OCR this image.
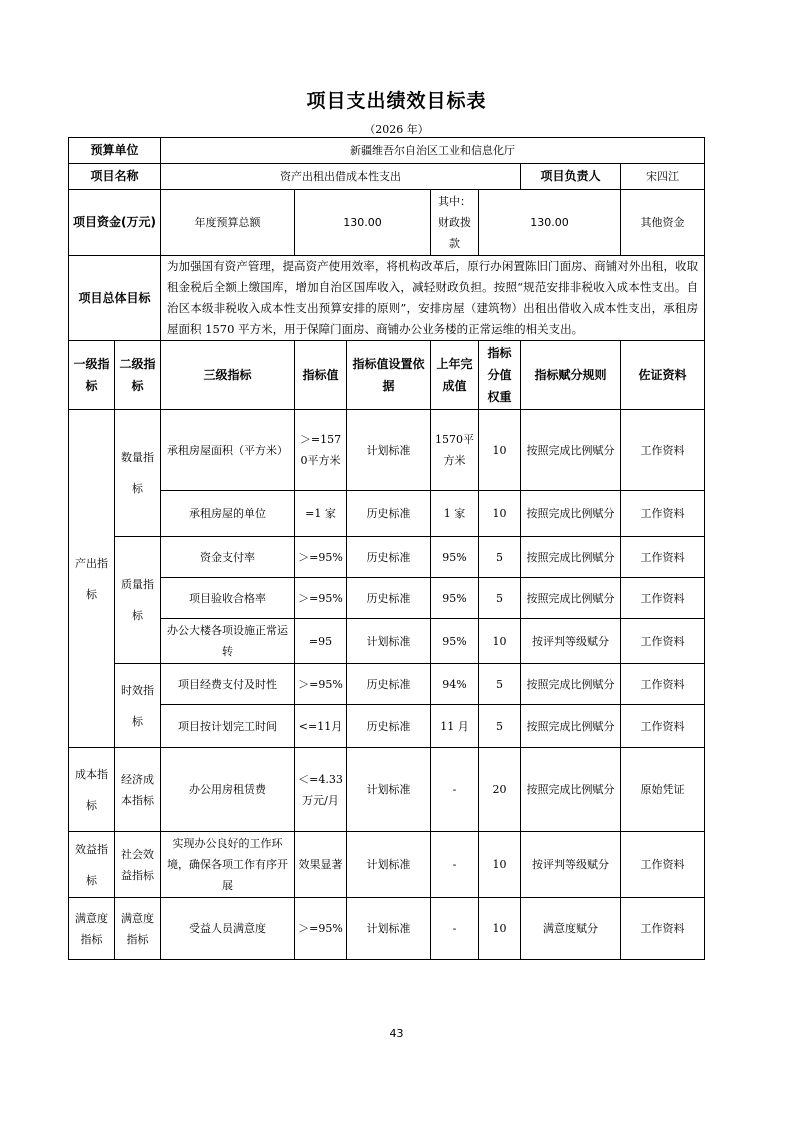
项目支出绩效目标表
（2026 年）
预算单位		新疆维吾尔自治区工业和信息化厅						
项目名称		资产出租出借成本性支出					项目负责人	宋四江
项目资金(万元)		年度预算总额	130.00		其中：财政拨款	130.00		其他资金
项目总体目标		为加强国有资产管理，提高资产使用效率，将机构改革后，原行办闲置陈旧门面房、商铺对外出租，收取租金税后全额上缴国库，增加自治区国库收入，减轻财政负担。按照“规范安排非税收入成本性支出。自治区本级非税收入成本性支出预算安排的原则”，安排房屋（建筑物）出租出借收入成本性支出，承租房屋面积 1570 平方米，用于保障门面房、商铺办公业务楼的正常运维的相关支出。						
一级指标	二级指标	三级指标	指标值	指标值设置依据	上年完成值	指标分值权重	指标赋分规则	佐证资料
产出指标	数量指标	承租房屋面积（平方米）	＞=1570平方米	计划标准	1570平方米	10	按照完成比例赋分	工作资料
		承租房屋的单位	=1 家	历史标准	1 家	10	按照完成比例赋分	工作资料
	质量指标	资金支付率	＞=95%	历史标准	95%	5	按照完成比例赋分	工作资料
		项目验收合格率	＞=95%	历史标准	95%	5	按照完成比例赋分	工作资料
		办公大楼各项设施正常运转	=95	计划标准	95%	10	按评判等级赋分	工作资料
	时效指标	项目经费支付及时性	＞=95%	历史标准	94%	5	按照完成比例赋分	工作资料
		项目按计划完工时间	<=11月	历史标准	11 月	5	按照完成比例赋分	工作资料
成本指标	经济成本指标	办公用房租赁费	＜=4.33万元/月	计划标准	-	20	按照完成比例赋分	原始凭证
效益指标	社会效益指标	实现办公良好的工作环境，确保各项工作有序开展	效果显著	计划标准	-	10	按评判等级赋分	工作资料
满意度指标	满意度指标	受益人员满意度	＞=95%	计划标准	-	10	满意度赋分	工作资料
43
